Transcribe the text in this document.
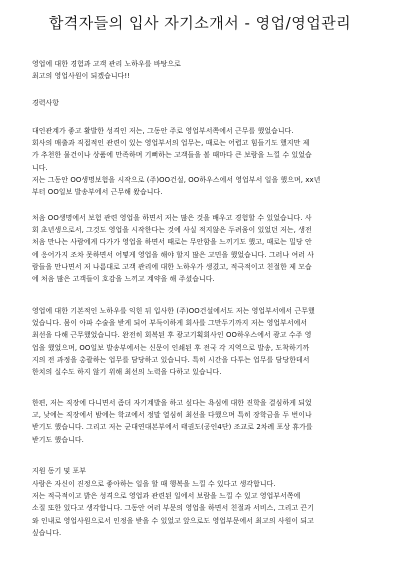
합격자들의 입사 자기소개서 - 영업/영업관리
영업에 대한 경험과 고객 관리 노하우를 바탕으로
최고의 영업사원이 되겠습니다!!
경력사항
대인관계가 좋고 활발한 성격인 저는, 그동안 주로 영업부서쪽에서 근무를 했었습니다.
회사의 매출과 직접적인 관련이 있는 영업부서의 업무는, 때로는 어렵고 힘들기도 했지만 제
가 추천한 물건이나 상품에 만족하며 기뻐하는 고객들을 볼 때마다 큰 보람을 느낄 수 있었습
니다.
저는 그동안 OO생명보험을 시작으로 (주)OO건설, OO하우스에서 영업부서 일을 했으며, xx년
부터 OO일보 발송부에서 근무해 왔습니다.
처음 OO생명에서 보험 관련 영업을 하면서 저는 많은 것을 배우고 경험할 수 있었습니다. 사
회 초년생으로서, 그것도 영업을 시작한다는 것에 사실 적지않은 두려움이 있었던 저는, 생전
처음 만나는 사람에게 다가가 영업을 하면서 때로는 무안함을 느끼기도 했고, 때로는 밀당 안
에 응어가지 조차 못하면서 어떻게 영업을 해야 할지 많은 고민을 했었습니다. 그러나 여러 사
람들을 만나면서 저 나름대로 고객 관리에 대한 노하우가 생겼고, 적극적이고 친절한 제 모습
에 처음 많은 고객들이 호감을 느끼고 계약을 해 주셨습니다.
영업에 대한 기본적인 노하우를 익힌 뒤 입사한 (주)OO건설에서도 저는 영업부서에서 근무했
었습니다. 몸이 아파 수술을 받게 되어 부득이하게 회사를 그만두기까지 저는 영업부서에서
최선을 다해 근무했었습니다. 완전히 회복된 후 광고기획회사인 OO하우스에서 광고 수주 영
업을 했었으며, OO일보 발송부에서는 신문이 인쇄된 후 전국 각 지역으로 발송, 도착하기까
지의 전 과정을 총괄하는 업무를 담당하고 있습니다. 특히 시간을 다투는 업무를 담당한데서
한치의 실수도 하지 않기 위해 최선의 노력을 다하고 있습니다.
한편, 저는 직장에 다니면서 좀더 자기계발을 하고 싶다는 욕심에 대한 진학을 결심하게 되었
고, 낮에는 직장에서 밤에는 학교에서 정말 열심히 최선을 다했으며 특히 장학금을 두 번이나
받기도 했습니다. 그리고 저는 군대연대본부에서 태권도(공인4단) 조교로 2차례 포상 휴가를
받기도 했습니다.
지원 동기 및 포부
사람은 자신이 진정으로 좋아하는 일을 할 때 행복을 느낄 수 있다고 생각합니다.
저는 적극적이고 밝은 성격으로 영업과 관련된 일에서 보람을 느낄 수 있고 영업부서쪽에
소질 또한 있다고 생각합니다. 그동안 여러 부문의 영업을 하면서 친절과 서비스, 그리고 끈기
와 인내로 영업사원으로서 인정을 받을 수 있었고 앞으로도 영업부문에서 최고의 사원이 되고
싶습니다.
